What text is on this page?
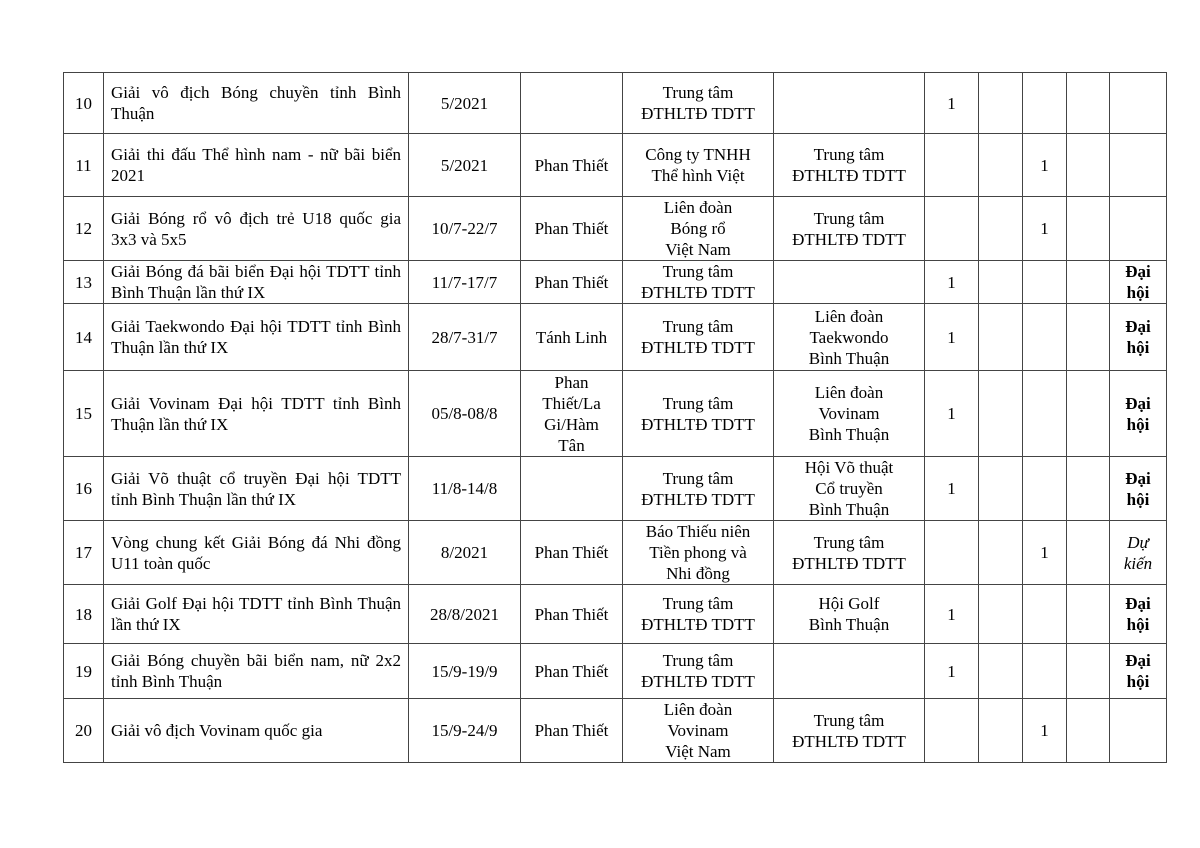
10	Giải vô địch Bóng chuyền tỉnh Bình Thuận	5/2021		Trung tâm
ĐTHLTĐ TDTT		1				
11	Giải thi đấu Thể hình nam - nữ bãi biển 2021	5/2021	Phan Thiết	Công ty TNHH
Thể hình Việt	Trung tâm
ĐTHLTĐ TDTT			1		
12	Giải Bóng rổ vô địch trẻ U18 quốc gia 3x3 và 5x5	10/7-22/7	Phan Thiết	Liên đoàn
Bóng rổ
Việt Nam	Trung tâm
ĐTHLTĐ TDTT			1		
13	Giải Bóng đá bãi biển Đại hội TDTT tỉnh Bình Thuận lần thứ IX	11/7-17/7	Phan Thiết	Trung tâm
ĐTHLTĐ TDTT		1				Đại
hội
14	Giải Taekwondo Đại hội TDTT tỉnh Bình Thuận lần thứ IX	28/7-31/7	Tánh Linh	Trung tâm
ĐTHLTĐ TDTT	Liên đoàn
Taekwondo
Bình Thuận	1				Đại
hội
15	Giải Vovinam Đại hội TDTT tỉnh Bình Thuận lần thứ IX	05/8-08/8	Phan
Thiết/La
Gi/Hàm
Tân	Trung tâm
ĐTHLTĐ TDTT	Liên đoàn
Vovinam
Bình Thuận	1				Đại
hội
16	Giải Võ thuật cổ truyền Đại hội TDTT tỉnh Bình Thuận lần thứ IX	11/8-14/8		Trung tâm
ĐTHLTĐ TDTT	Hội Võ thuật
Cổ truyền
Bình Thuận	1				Đại
hội
17	Vòng chung kết Giải Bóng đá Nhi đồng U11 toàn quốc	8/2021	Phan Thiết	Báo Thiếu niên
Tiền phong và
Nhi đồng	Trung tâm
ĐTHLTĐ TDTT			1		Dự
kiến
18	Giải Golf Đại hội TDTT tỉnh Bình Thuận lần thứ IX	28/8/2021	Phan Thiết	Trung tâm
ĐTHLTĐ TDTT	Hội Golf
Bình Thuận	1				Đại
hội
19	Giải Bóng chuyền bãi biển nam, nữ 2x2 tỉnh Bình Thuận	15/9-19/9	Phan Thiết	Trung tâm
ĐTHLTĐ TDTT		1				Đại
hội
20	Giải vô địch Vovinam quốc gia	15/9-24/9	Phan Thiết	Liên đoàn
Vovinam
Việt Nam	Trung tâm
ĐTHLTĐ TDTT			1		
